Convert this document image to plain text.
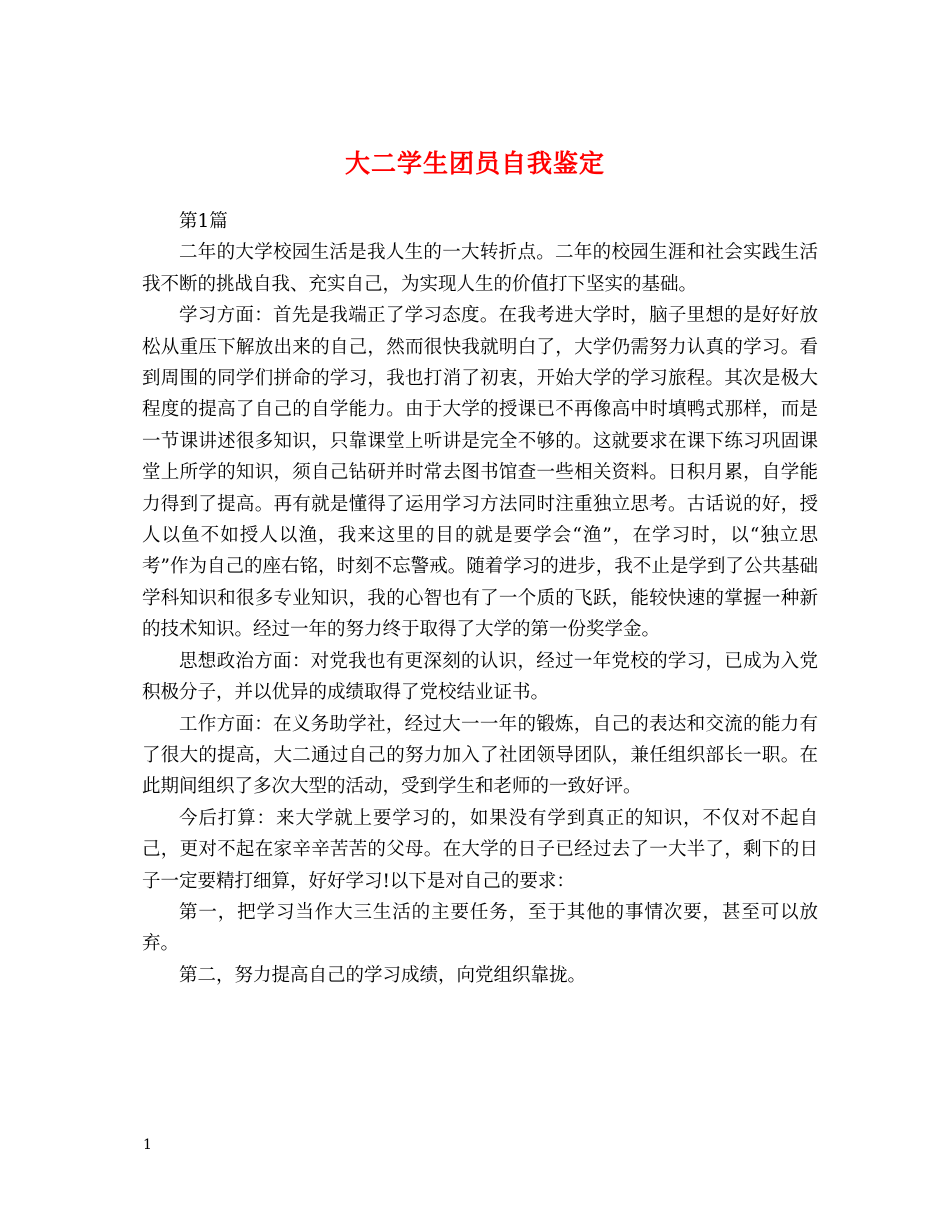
大二学生团员自我鉴定

第1篇

二年的大学校园生活是我人生的一大转折点。二年的校园生涯和社会实践生活我不断的挑战自我、充实自己，为实现人生的价值打下坚实的基础。

学习方面：首先是我端正了学习态度。在我考进大学时，脑子里想的是好好放松从重压下解放出来的自己，然而很快我就明白了，大学仍需努力认真的学习。看到周围的同学们拼命的学习，我也打消了初衷，开始大学的学习旅程。其次是极大程度的提高了自己的自学能力。由于大学的授课已不再像高中时填鸭式那样，而是一节课讲述很多知识，只靠课堂上听讲是完全不够的。这就要求在课下练习巩固课堂上所学的知识，须自己钻研并时常去图书馆查一些相关资料。日积月累，自学能力得到了提高。再有就是懂得了运用学习方法同时注重独立思考。古话说的好，授人以鱼不如授人以渔，我来这里的目的就是要学会“渔”，在学习时，以“独立思考”作为自己的座右铭，时刻不忘警戒。随着学习的进步，我不止是学到了公共基础学科知识和很多专业知识，我的心智也有了一个质的飞跃，能较快速的掌握一种新的技术知识。经过一年的努力终于取得了大学的第一份奖学金。

思想政治方面：对党我也有更深刻的认识，经过一年党校的学习，已成为入党积极分子，并以优异的成绩取得了党校结业证书。

工作方面：在义务助学社，经过大一一年的锻炼，自己的表达和交流的能力有了很大的提高，大二通过自己的努力加入了社团领导团队，兼任组织部长一职。在此期间组织了多次大型的活动，受到学生和老师的一致好评。

今后打算：来大学就上要学习的，如果没有学到真正的知识，不仅对不起自己，更对不起在家辛辛苦苦的父母。在大学的日子已经过去了一大半了，剩下的日子一定要精打细算，好好学习!以下是对自己的要求：

第一，把学习当作大三生活的主要任务，至于其他的事情次要，甚至可以放弃。

第二，努力提高自己的学习成绩，向党组织靠拢。

1
